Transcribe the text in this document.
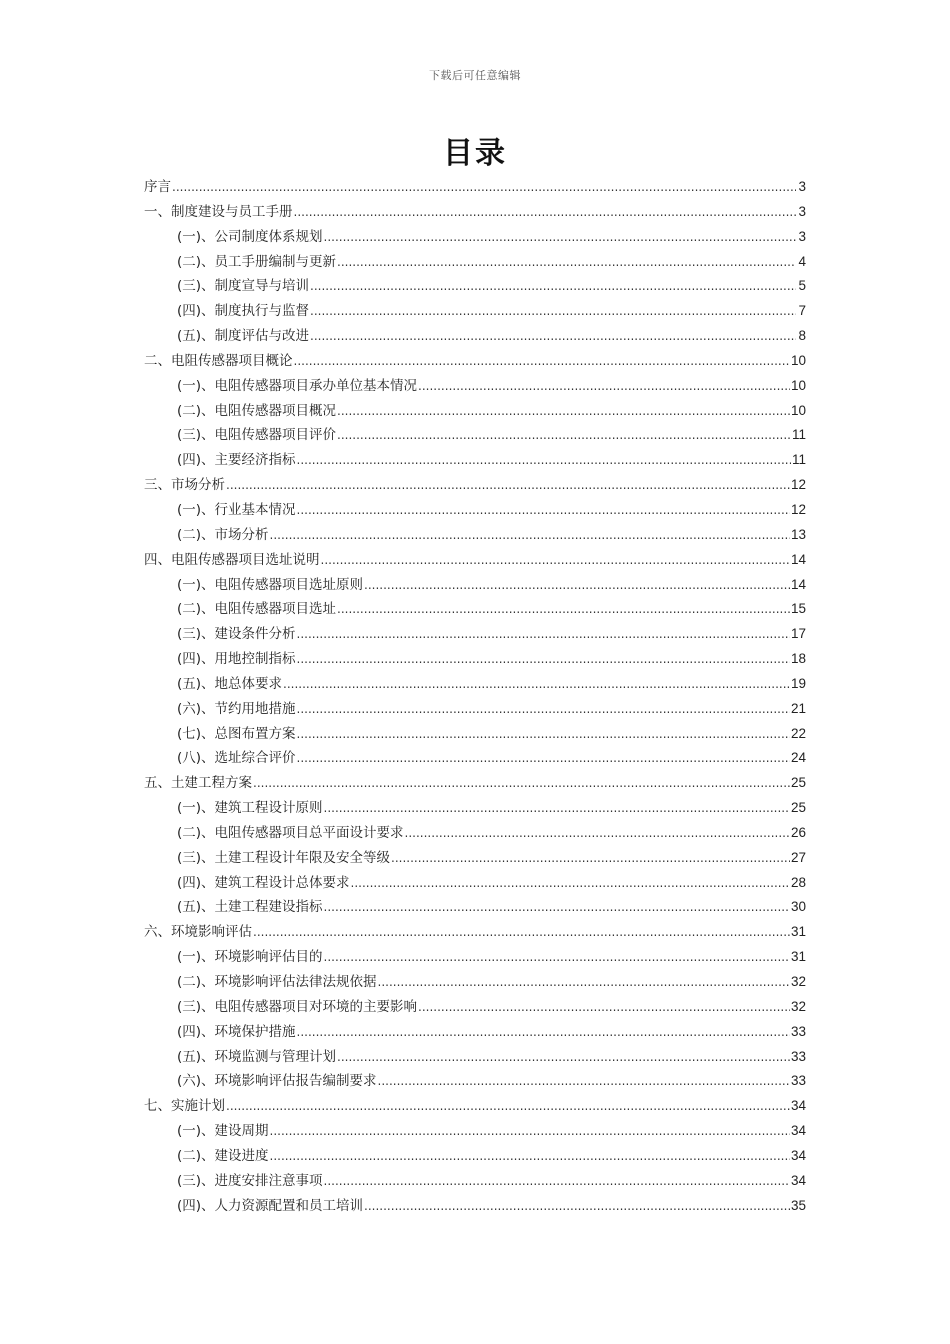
下载后可任意编辑
目录
序言 .....	3
一、制度建设与员工手册 .....	3
(一)、公司制度体系规划 .....	3
(二)、员工手册编制与更新 .....	4
(三)、制度宣导与培训 .....	5
(四)、制度执行与监督 .....	7
(五)、制度评估与改进 .....	8
二、电阻传感器项目概论 .....	10
(一)、电阻传感器项目承办单位基本情况 .....	10
(二)、电阻传感器项目概况 .....	10
(三)、电阻传感器项目评价 .....	11
(四)、主要经济指标 .....	11
三、市场分析 .....	12
(一)、行业基本情况 .....	12
(二)、市场分析 .....	13
四、电阻传感器项目选址说明 .....	14
(一)、电阻传感器项目选址原则 .....	14
(二)、电阻传感器项目选址 .....	15
(三)、建设条件分析 .....	17
(四)、用地控制指标 .....	18
(五)、地总体要求 .....	19
(六)、节约用地措施 .....	21
(七)、总图布置方案 .....	22
(八)、选址综合评价 .....	24
五、土建工程方案 .....	25
(一)、建筑工程设计原则 .....	25
(二)、电阻传感器项目总平面设计要求 .....	26
(三)、土建工程设计年限及安全等级 .....	27
(四)、建筑工程设计总体要求 .....	28
(五)、土建工程建设指标 .....	30
六、环境影响评估 .....	31
(一)、环境影响评估目的 .....	31
(二)、环境影响评估法律法规依据 .....	32
(三)、电阻传感器项目对环境的主要影响 .....	32
(四)、环境保护措施 .....	33
(五)、环境监测与管理计划 .....	33
(六)、环境影响评估报告编制要求 .....	33
七、实施计划 .....	34
(一)、建设周期 .....	34
(二)、建设进度 .....	34
(三)、进度安排注意事项 .....	34
(四)、人力资源配置和员工培训 .....	35
